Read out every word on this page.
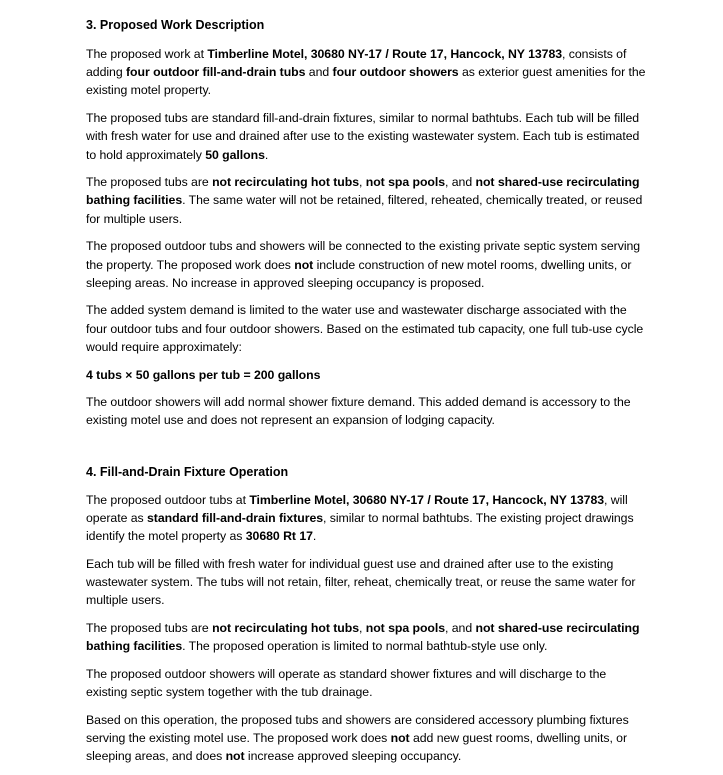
3. Proposed Work Description

The proposed work at Timberline Motel, 30680 NY-17 / Route 17, Hancock, NY 13783, consists of adding four outdoor fill-and-drain tubs and four outdoor showers as exterior guest amenities for the existing motel property.

The proposed tubs are standard fill-and-drain fixtures, similar to normal bathtubs. Each tub will be filled with fresh water for use and drained after use to the existing wastewater system. Each tub is estimated to hold approximately 50 gallons.

The proposed tubs are not recirculating hot tubs, not spa pools, and not shared-use recirculating bathing facilities. The same water will not be retained, filtered, reheated, chemically treated, or reused for multiple users.

The proposed outdoor tubs and showers will be connected to the existing private septic system serving the property. The proposed work does not include construction of new motel rooms, dwelling units, or sleeping areas. No increase in approved sleeping occupancy is proposed.

The added system demand is limited to the water use and wastewater discharge associated with the four outdoor tubs and four outdoor showers. Based on the estimated tub capacity, one full tub-use cycle would require approximately:

4 tubs × 50 gallons per tub = 200 gallons

The outdoor showers will add normal shower fixture demand. This added demand is accessory to the existing motel use and does not represent an expansion of lodging capacity.

4. Fill-and-Drain Fixture Operation

The proposed outdoor tubs at Timberline Motel, 30680 NY-17 / Route 17, Hancock, NY 13783, will operate as standard fill-and-drain fixtures, similar to normal bathtubs. The existing project drawings identify the motel property as 30680 Rt 17.

Each tub will be filled with fresh water for individual guest use and drained after use to the existing wastewater system. The tubs will not retain, filter, reheat, chemically treat, or reuse the same water for multiple users.

The proposed tubs are not recirculating hot tubs, not spa pools, and not shared-use recirculating bathing facilities. The proposed operation is limited to normal bathtub-style use only.

The proposed outdoor showers will operate as standard shower fixtures and will discharge to the existing septic system together with the tub drainage.

Based on this operation, the proposed tubs and showers are considered accessory plumbing fixtures serving the existing motel use. The proposed work does not add new guest rooms, dwelling units, or sleeping areas, and does not increase approved sleeping occupancy.
